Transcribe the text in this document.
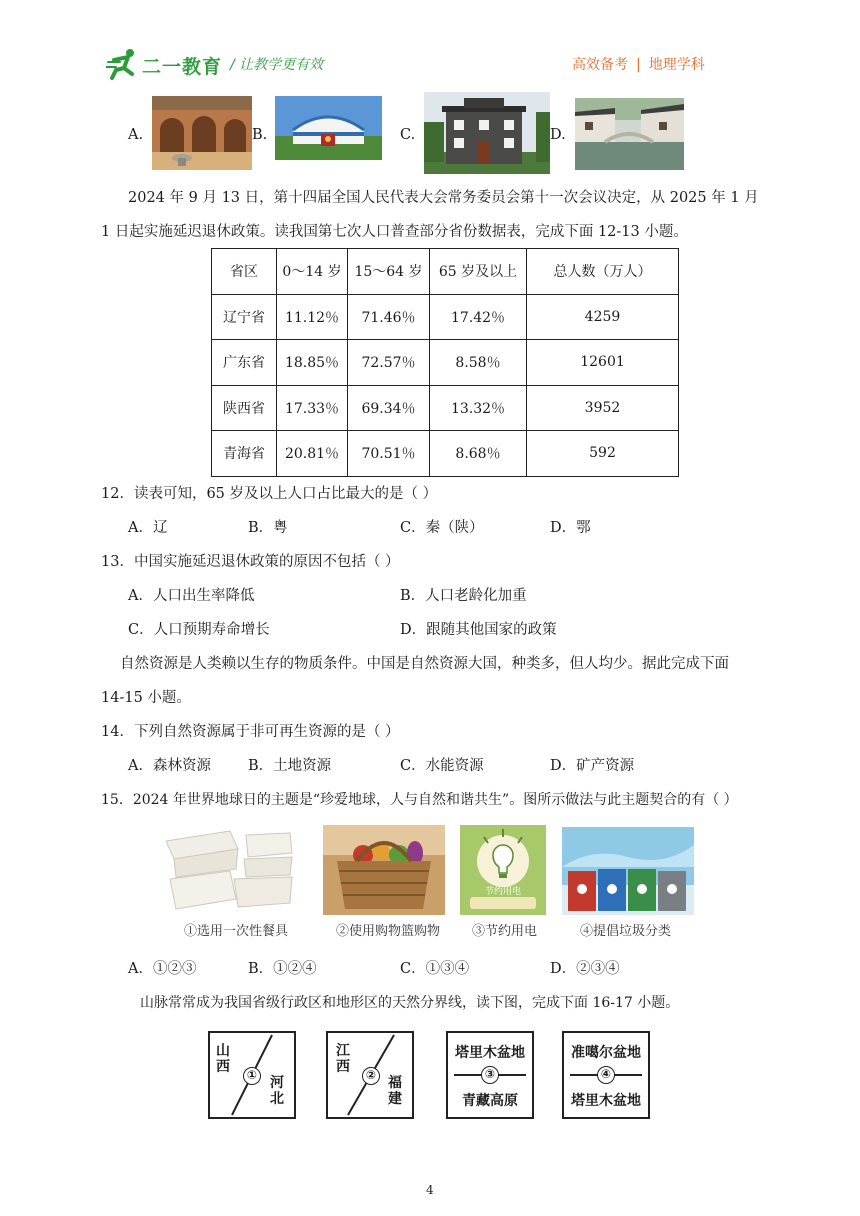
二一教育 / 让教学更有效	高效备考 | 地理学科
A.	B.	C.	D.
2024 年 9 月 13 日，第十四届全国人民代表大会常务委员会第十一次会议决定，从 2025 年 1 月
1 日起实施延迟退休政策。读我国第七次人口普查部分省份数据表，完成下面 12-13 小题。
省区	0～14 岁	15～64 岁	65 岁及以上	总人数（万人）
辽宁省	11.12％	71.46％	17.42％	4259
广东省	18.85％	72.57％	8.58％	12601
陕西省	17.33％	69.34％	13.32％	3952
青海省	20.81％	70.51％	8.68％	592
12．读表可知，65 岁及以上人口占比最大的是（ ）
A．辽	B．粤	C．秦（陕）	D．鄂
13．中国实施延迟退休政策的原因不包括（ ）
A．人口出生率降低	B．人口老龄化加重
C．人口预期寿命增长	D．跟随其他国家的政策
自然资源是人类赖以生存的物质条件。中国是自然资源大国，种类多，但人均少。据此完成下面
14-15 小题。
14．下列自然资源属于非可再生资源的是（ ）
A．森林资源	B．土地资源	C．水能资源	D．矿产资源
15．2024 年世界地球日的主题是“珍爱地球，人与自然和谐共生”。图所示做法与此主题契合的有（ ）
①选用一次性餐具	②使用购物篮购物
节约用电
③节约用电	④提倡垃圾分类
A．①②③	B．①②④	C．①③④	D．②③④
山脉常常成为我国省级行政区和地形区的天然分界线，读下图，完成下面 16-17 小题。
山西
河北
①
江西
福建
②
塔里木盆地
青藏高原
③
准噶尔盆地
塔里木盆地
④
4
